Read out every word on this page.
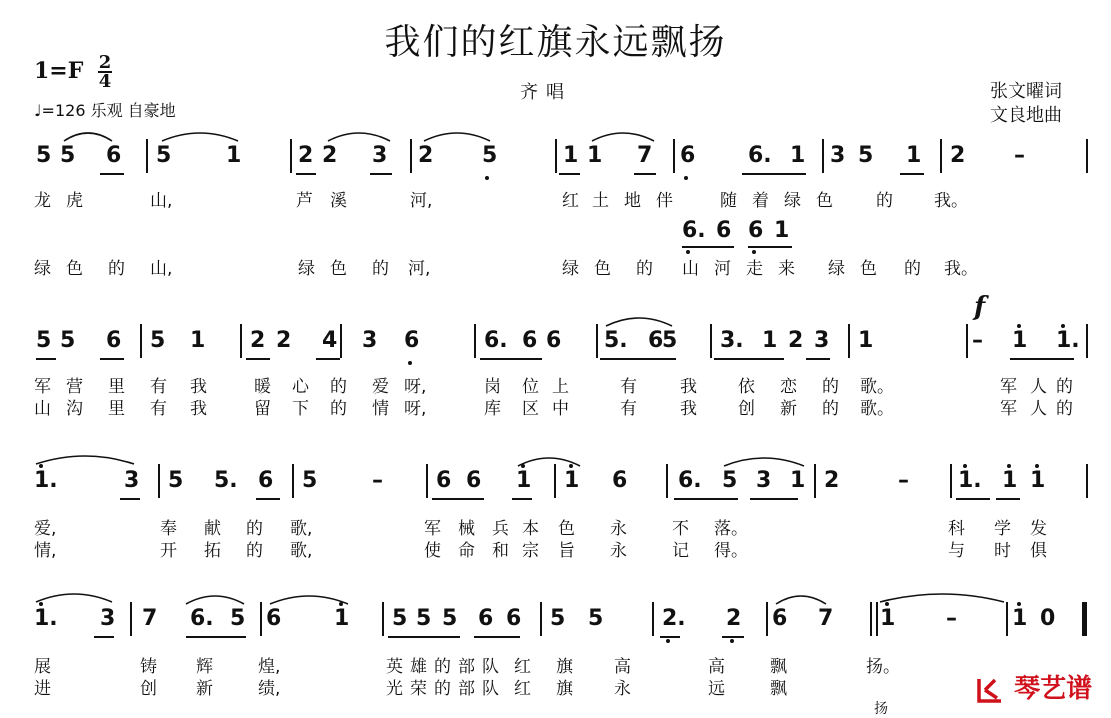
我们的红旗永远飘扬
1=F 2
4
♩=126 乐观 自豪地
齐唱	张文曜词
文良地曲
f
5 5 6 5 1	2 2 3 2 5	1 1 7 6 6. 1 3 5 1 2 –
龙 虎	山,	芦 溪	河,	红 土 地 伴	随 着 绿 色	的 我。
6. 6 6 1
绿 色 的 山,	绿 色 的 河,	绿 色 的 山 河 走 来 绿 色 的 我。
5 5 6 5 1 2 2 4 3 6	6. 6 6 5. 6
5 3. 1 2 3 1	– 1 1.
军 营 里 有 我	暖 心 的 爱 呀,	岗 位 上	有	我 依 恋 的 歌。	军 人 的
山 沟 里 有 我	留 下 的 情 呀,	库 区 中	有	我 创 新 的 歌。	军 人 的
1.	3 5 5. 6 5 – 6 6 1 1 6 6. 5 3 1 2	– 1. 1 1
爱,	奉 献 的 歌,	军 械 兵 本 色 永	不 落。	科 学 发
情,	开 拓 的 歌,	使 命 和 宗 旨 永	记 得。	与 时 俱
1. 3 7 6. 5 6 1 5 5 5 6 6 5 5	2. 2 6 7 1 –	1 0
展	铸 辉	煌,	英 雄 的 部 队 红 旗 高	高	飘	扬。
进	创 新	绩,	光 荣 的 部 队 红 旗 永	远	飘
扬
琴艺谱
